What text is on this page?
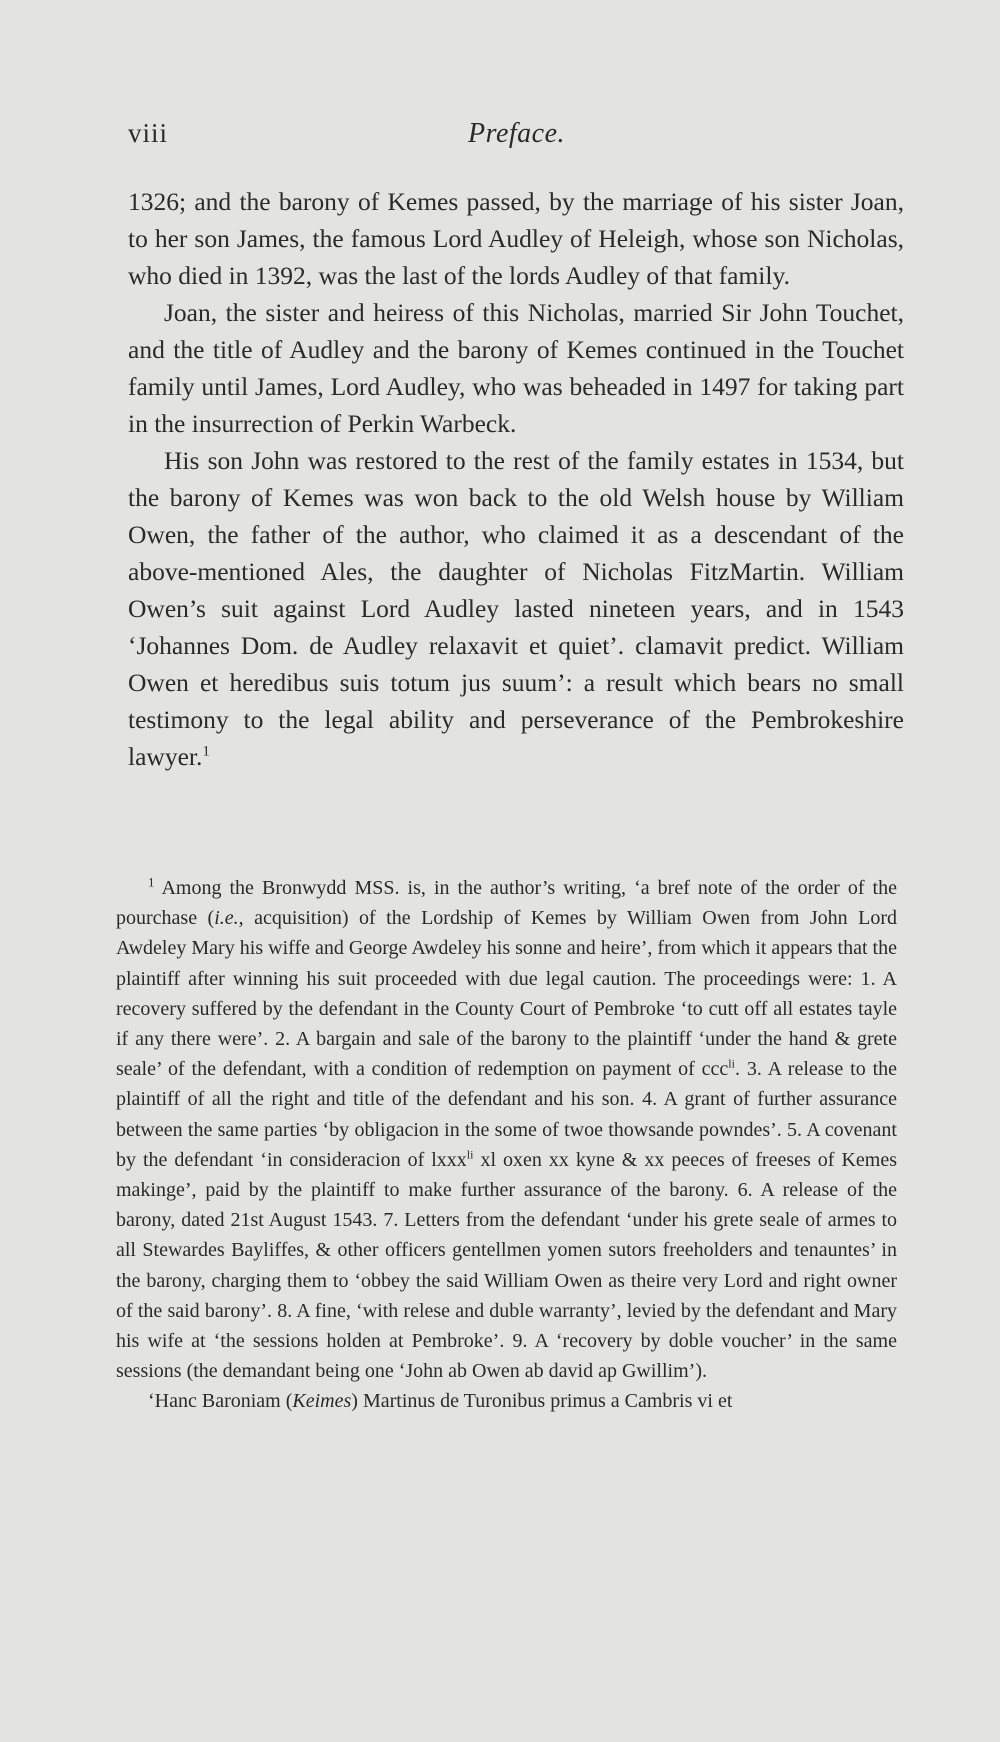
viii	Preface.

1326; and the barony of Kemes passed, by the marriage of his sister Joan, to her son James, the famous Lord Audley of Heleigh, whose son Nicholas, who died in 1392, was the last of the lords Audley of that family.

Joan, the sister and heiress of this Nicholas, married Sir John Touchet, and the title of Audley and the barony of Kemes continued in the Touchet family until James, Lord Audley, who was beheaded in 1497 for taking part in the insurrection of Perkin Warbeck.

His son John was restored to the rest of the family estates in 1534, but the barony of Kemes was won back to the old Welsh house by William Owen, the father of the author, who claimed it as a descendant of the above-mentioned Ales, the daughter of Nicholas FitzMartin. William Owen’s suit against Lord Audley lasted nineteen years, and in 1543 ‘Johannes Dom. de Audley relaxavit et quiet’. clamavit predict. William Owen et heredibus suis totum jus suum’: a result which bears no small testimony to the legal ability and perseverance of the Pembrokeshire lawyer.$^1$

$^1$ Among the Bronwydd MSS. is, in the author’s writing, ‘a bref note of the order of the pourchase (i.e., acquisition) of the Lordship of Kemes by William Owen from John Lord Awdeley Mary his wiffe and George Awdeley his sonne and heire’, from which it appears that the plaintiff after winning his suit proceeded with due legal caution. The proceedings were: 1. A recovery suffered by the defendant in the County Court of Pembroke ‘to cutt off all estates tayle if any there were’. 2. A bargain and sale of the barony to the plaintiff ‘under the hand & grete seale’ of the defendant, with a condition of redemption on payment of ccc$^{li}$. 3. A release to the plaintiff of all the right and title of the defendant and his son. 4. A grant of further assurance between the same parties ‘by obligacion in the some of twoe thowsande powndes’. 5. A covenant by the defendant ‘in consideracion of lxxx$^{li}$ xl oxen xx kyne & xx peeces of freeses of Kemes makinge’, paid by the plaintiff to make further assurance of the barony. 6. A release of the barony, dated 21st August 1543. 7. Letters from the defendant ‘under his grete seale of armes to all Stewardes Bayliffes, & other officers gentellmen yomen sutors freeholders and tenauntes’ in the barony, charging them to ‘obbey the said William Owen as theire very Lord and right owner of the said barony’. 8. A fine, ‘with relese and duble warranty’, levied by the defendant and Mary his wife at ‘the sessions holden at Pembroke’. 9. A ‘recovery by doble voucher’ in the same sessions (the demandant being one ‘John ab Owen ab david ap Gwillim’).

‘Hanc Baroniam (Keimes) Martinus de Turonibus primus a Cambris vi et
